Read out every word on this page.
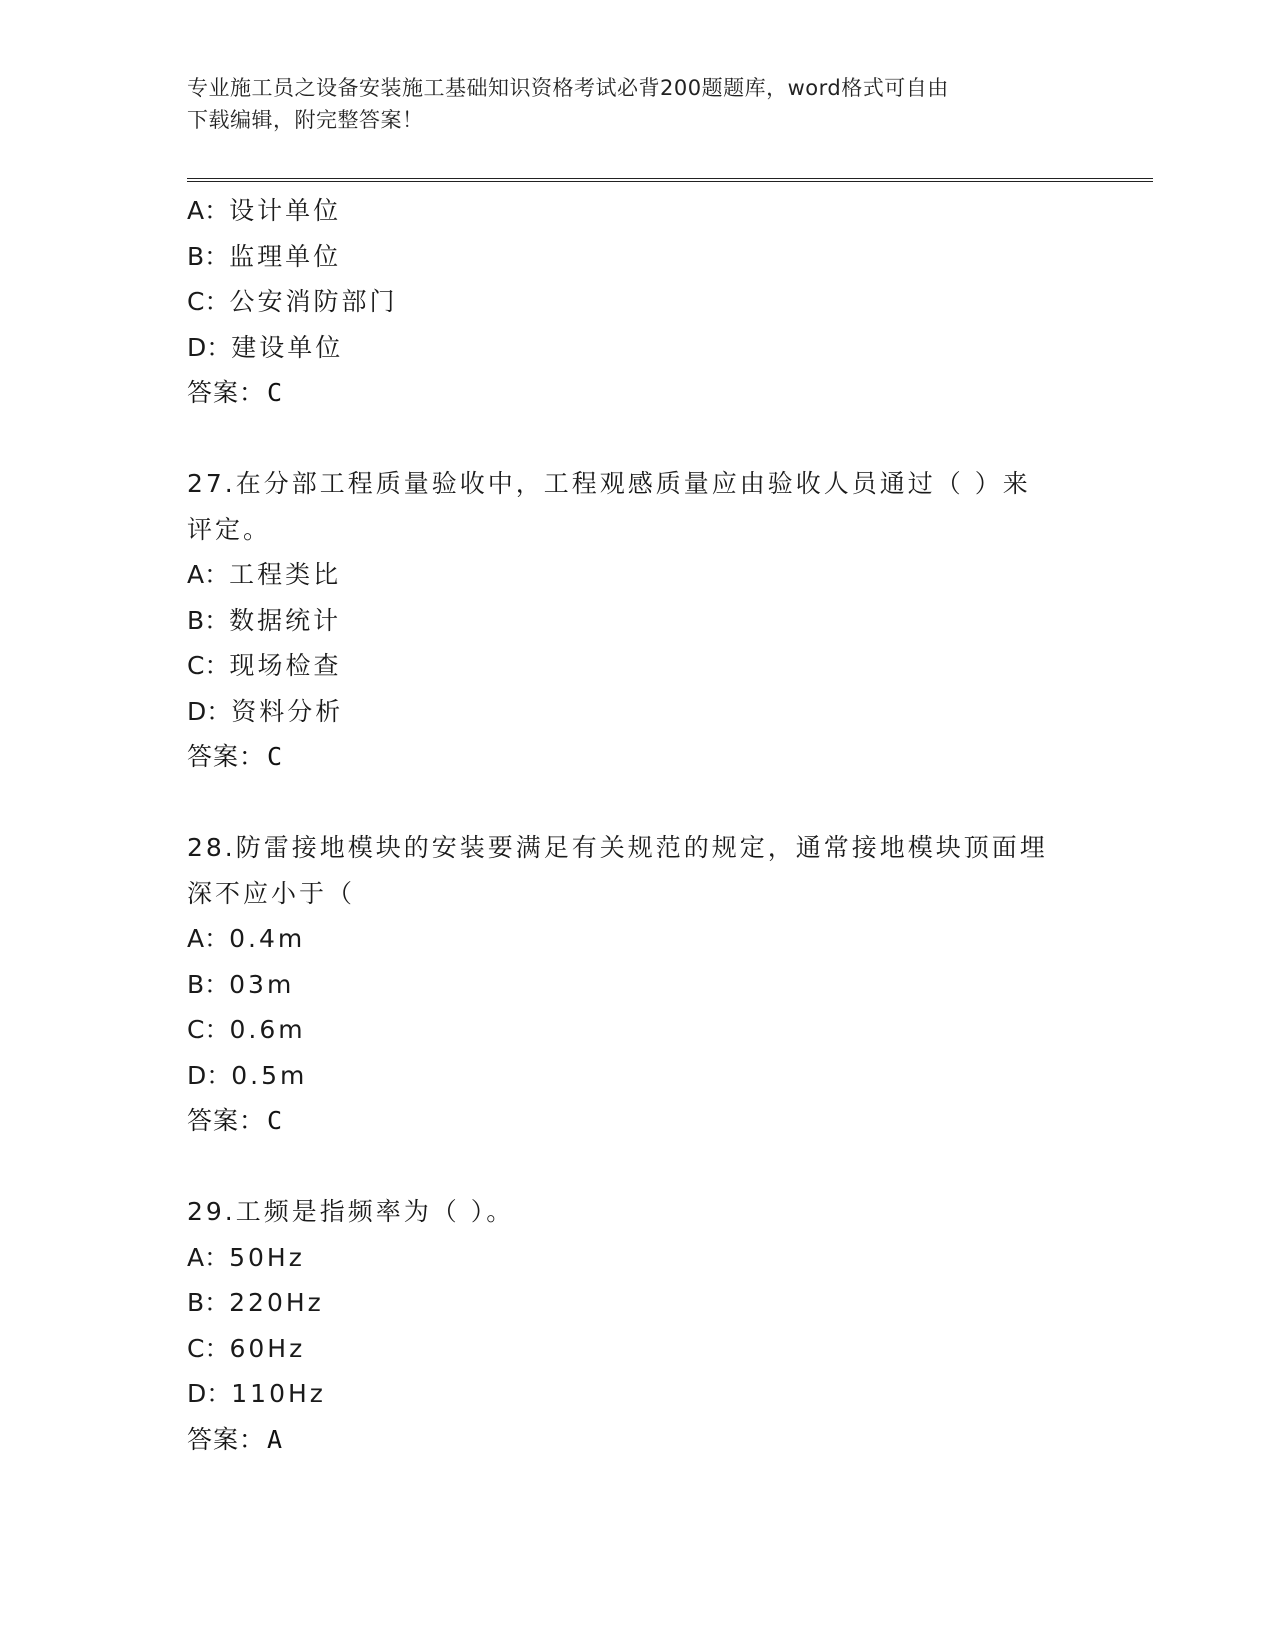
专业施工员之设备安装施工基础知识资格考试必背200题题库，word格式可自由
下载编辑，附完整答案！
A：设计单位
B：监理单位
C：公安消防部门
D：建设单位
答案：C
27.在分部工程质量验收中，工程观感质量应由验收人员通过（ ）来
评定。
A：工程类比
B：数据统计
C：现场检查
D：资料分析
答案：C
28.防雷接地模块的安装要满足有关规范的规定，通常接地模块顶面埋
深不应小于（
A：0.4m
B：03m
C：0.6m
D：0.5m
答案：C
29.工频是指频率为（ ）。
A：50Hz
B：220Hz
C：60Hz
D：110Hz
答案：A
